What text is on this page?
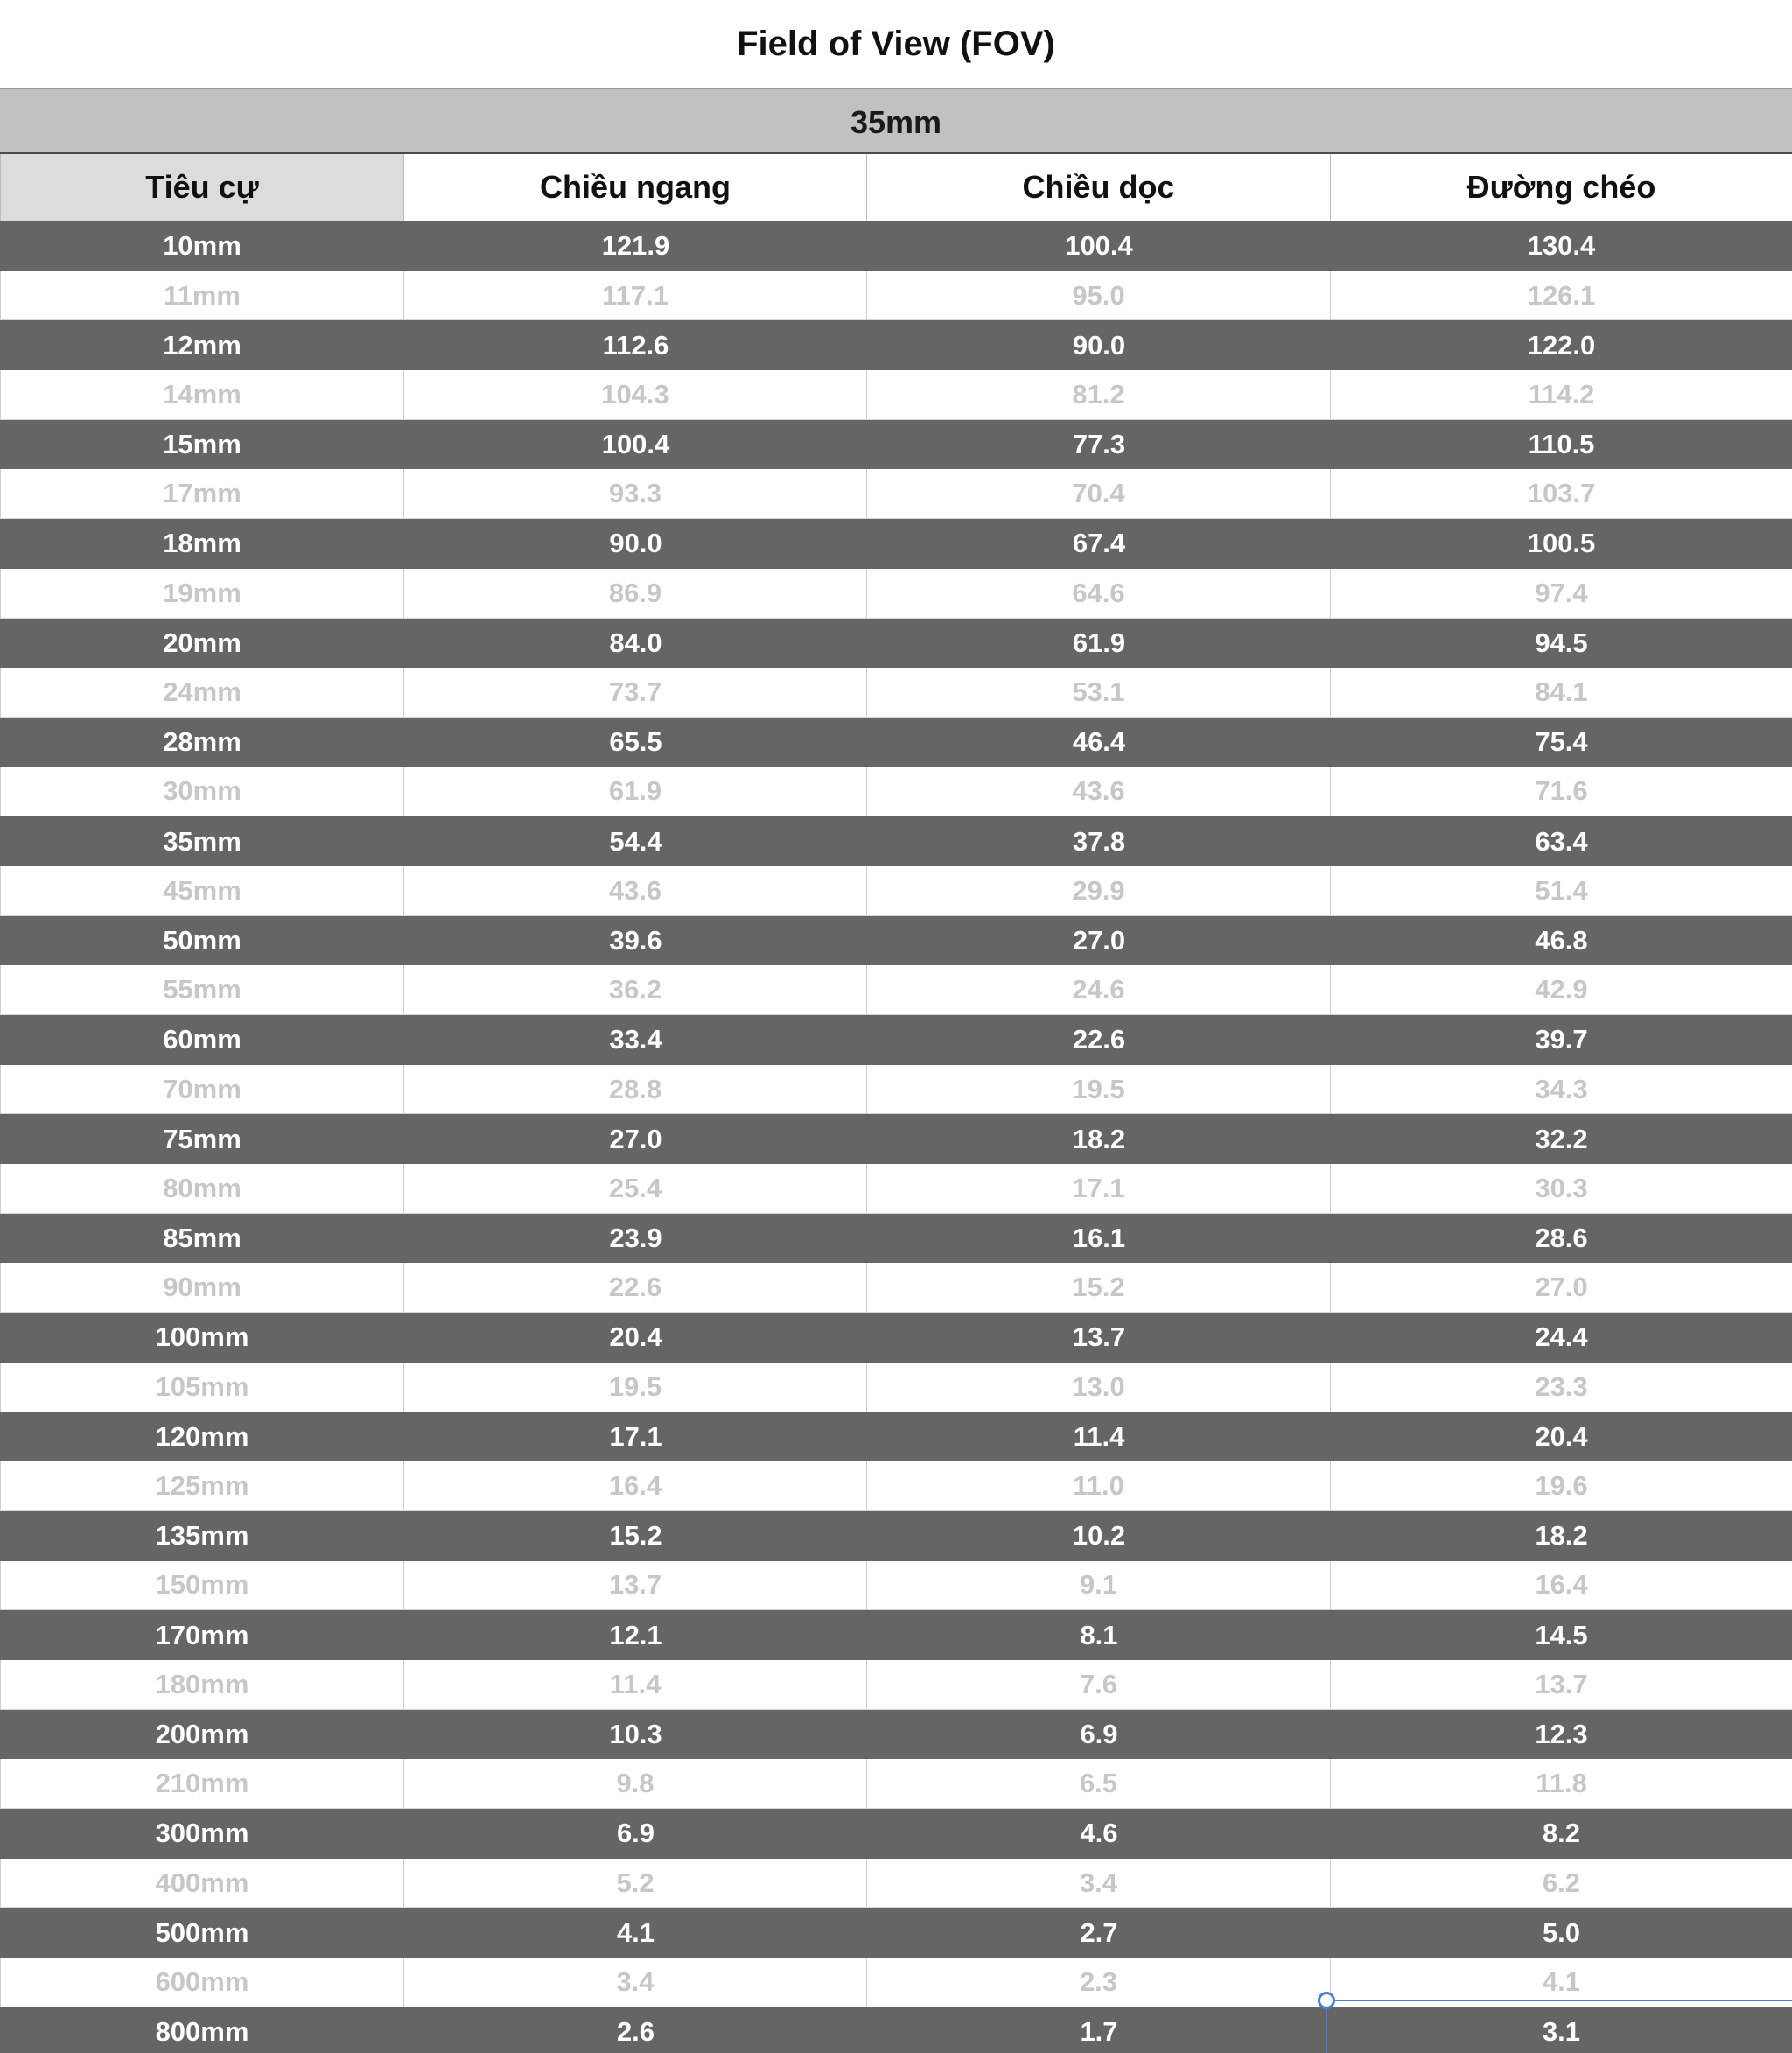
Field of View (FOV)
35mm
Tiêu cự	Chiều ngang	Chiều dọc	Đường chéo
10mm	121.9	100.4	130.4
11mm	117.1	95.0	126.1
12mm	112.6	90.0	122.0
14mm	104.3	81.2	114.2
15mm	100.4	77.3	110.5
17mm	93.3	70.4	103.7
18mm	90.0	67.4	100.5
19mm	86.9	64.6	97.4
20mm	84.0	61.9	94.5
24mm	73.7	53.1	84.1
28mm	65.5	46.4	75.4
30mm	61.9	43.6	71.6
35mm	54.4	37.8	63.4
45mm	43.6	29.9	51.4
50mm	39.6	27.0	46.8
55mm	36.2	24.6	42.9
60mm	33.4	22.6	39.7
70mm	28.8	19.5	34.3
75mm	27.0	18.2	32.2
80mm	25.4	17.1	30.3
85mm	23.9	16.1	28.6
90mm	22.6	15.2	27.0
100mm	20.4	13.7	24.4
105mm	19.5	13.0	23.3
120mm	17.1	11.4	20.4
125mm	16.4	11.0	19.6
135mm	15.2	10.2	18.2
150mm	13.7	9.1	16.4
170mm	12.1	8.1	14.5
180mm	11.4	7.6	13.7
200mm	10.3	6.9	12.3
210mm	9.8	6.5	11.8
300mm	6.9	4.6	8.2
400mm	5.2	3.4	6.2
500mm	4.1	2.7	5.0
600mm	3.4	2.3	4.1
800mm	2.6	1.7	3.1
